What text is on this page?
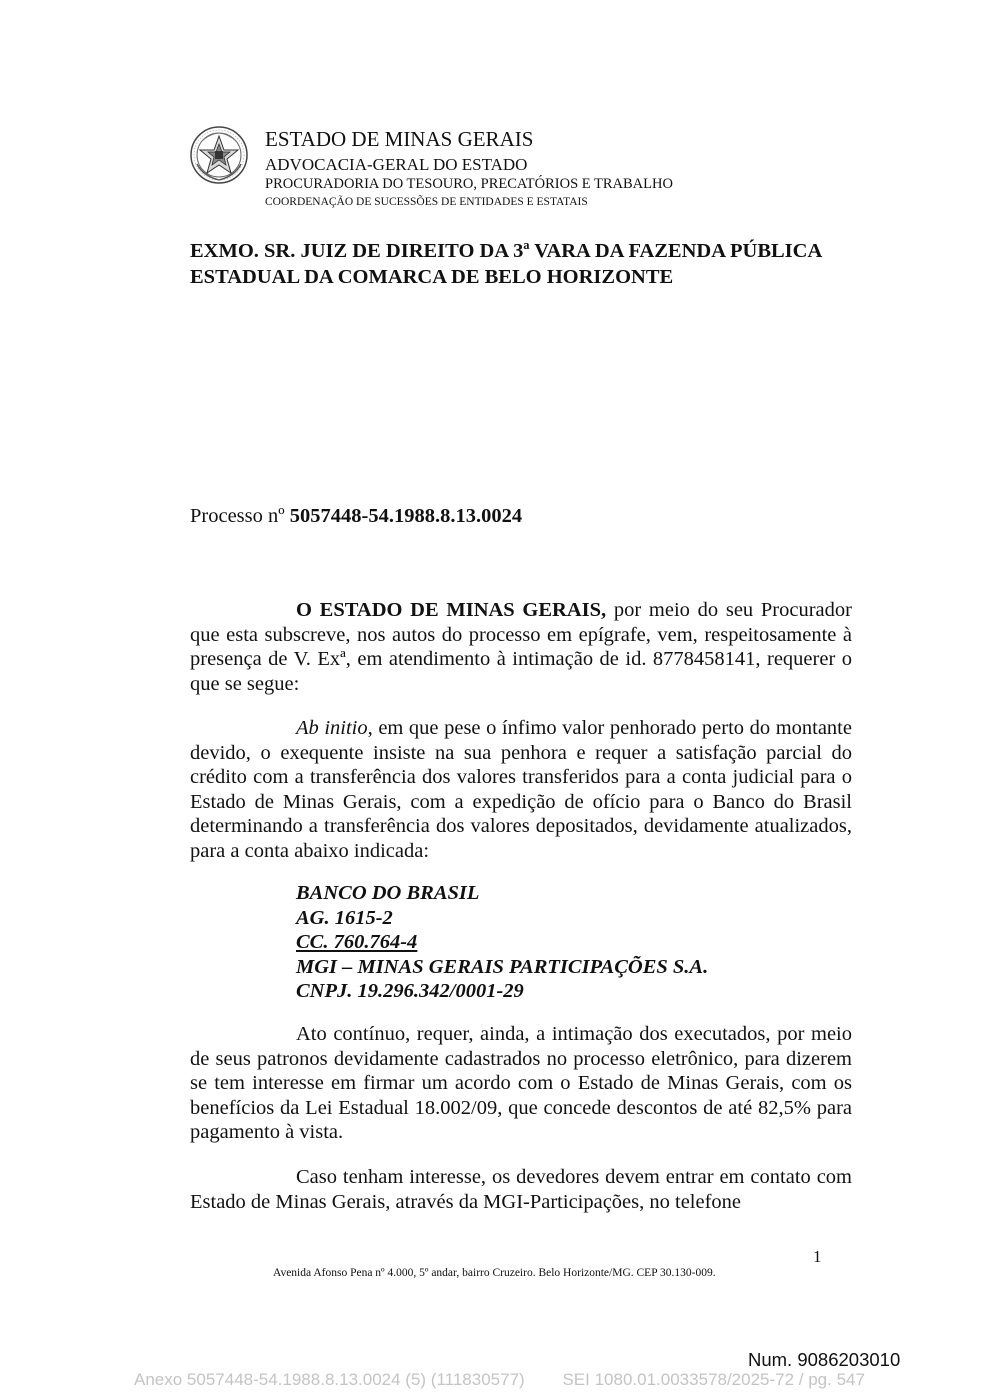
ESTADO DE MINAS GERAIS
ADVOCACIA-GERAL DO ESTADO
PROCURADORIA DO TESOURO, PRECATÓRIOS E TRABALHO
COORDENAÇÃO DE SUCESSÕES DE ENTIDADES E ESTATAIS
EXMO. SR. JUIZ DE DIREITO DA 3ª VARA DA FAZENDA PÚBLICA ESTADUAL DA COMARCA DE BELO HORIZONTE
Processo nº 5057448-54.1988.8.13.0024
O ESTADO DE MINAS GERAIS, por meio do seu Procurador que esta subscreve, nos autos do processo em epígrafe, vem, respeitosamente à presença de V. Exª, em atendimento à intimação de id. 8778458141, requerer o que se segue:
Ab initio, em que pese o ínfimo valor penhorado perto do montante devido, o exequente insiste na sua penhora e requer a satisfação parcial do crédito com a transferência dos valores transferidos para a conta judicial para o Estado de Minas Gerais, com a expedição de ofício para o Banco do Brasil determinando a transferência dos valores depositados, devidamente atualizados, para a conta abaixo indicada:
BANCO DO BRASIL
AG. 1615-2
CC. 760.764-4
MGI – MINAS GERAIS PARTICIPAÇÕES S.A.
CNPJ. 19.296.342/0001-29
Ato contínuo, requer, ainda, a intimação dos executados, por meio de seus patronos devidamente cadastrados no processo eletrônico, para dizerem se tem interesse em firmar um acordo com o Estado de Minas Gerais, com os benefícios da Lei Estadual 18.002/09, que concede descontos de até 82,5% para pagamento à vista.
Caso tenham interesse, os devedores devem entrar em contato com Estado de Minas Gerais, através da MGI-Participações, no telefone
1
Avenida Afonso Pena nº 4.000, 5º andar, bairro Cruzeiro. Belo Horizonte/MG. CEP 30.130-009.
Num. 9086203010
Anexo 5057448-54.1988.8.13.0024 (5) (111830577)        SEI 1080.01.0033578/2025-72 / pg. 547
